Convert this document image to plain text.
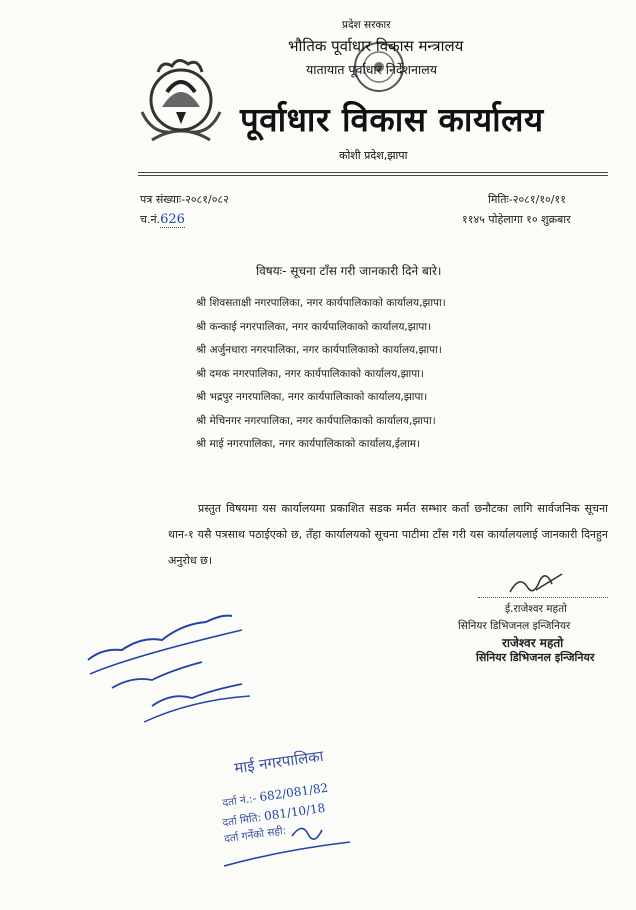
प्रदेश सरकार
भौतिक पूर्वाधार विकास मन्त्रालय
यातायात पूर्वाधार निर्देशनालय
पूर्वाधार विकास कार्यालय
कोशी प्रदेश,झापा
पत्र संख्याः-२०८१/०८२
च.नं.626
मितिः-२०८१/१०/११
११४५ पोहेलागा १० शुक्रबार
विषयः- सूचना टाँस गरी जानकारी दिने बारे।
श्री शिवसताक्षी नगरपालिका, नगर कार्यपालिकाको कार्यालय,झापा।
श्री कन्काई नगरपालिका, नगर कार्यपालिकाको कार्यालय,झापा।
श्री अर्जुनधारा नगरपालिका, नगर कार्यपालिकाको कार्यालय,झापा।
श्री दमक नगरपालिका, नगर कार्यपालिकाको कार्यालय,झापा।
श्री भद्रपुर नगरपालिका, नगर कार्यपालिकाको कार्यालय,झापा।
श्री मेचिनगर नगरपालिका, नगर कार्यपालिकाको कार्यालय,झापा।
श्री माई नगरपालिका, नगर कार्यपालिकाको कार्यालय,ईलाम।
प्रस्तुत विषयमा यस कार्यालयमा प्रकाशित सडक मर्मत सम्भार कर्ता छनौटका लागि सार्वजनिक सूचना थान-१ यसै पत्रसाथ पठाईएको छ, तँहा कार्यालयको सूचना पाटीमा टाँस गरी यस कार्यालयलाई जानकारी दिनहुन अनुरोध छ।
ई.राजेश्वर महतो
सिनियर डिभिजनल इन्जिनियर
राजेश्वर महतो
सिनियर डिभिजनल इन्जिनियर
माई नगरपालिका
दर्ता नं.:- 682/081/82
दर्ता मिति: 081/10/18
दर्ता गर्नेको सही:
